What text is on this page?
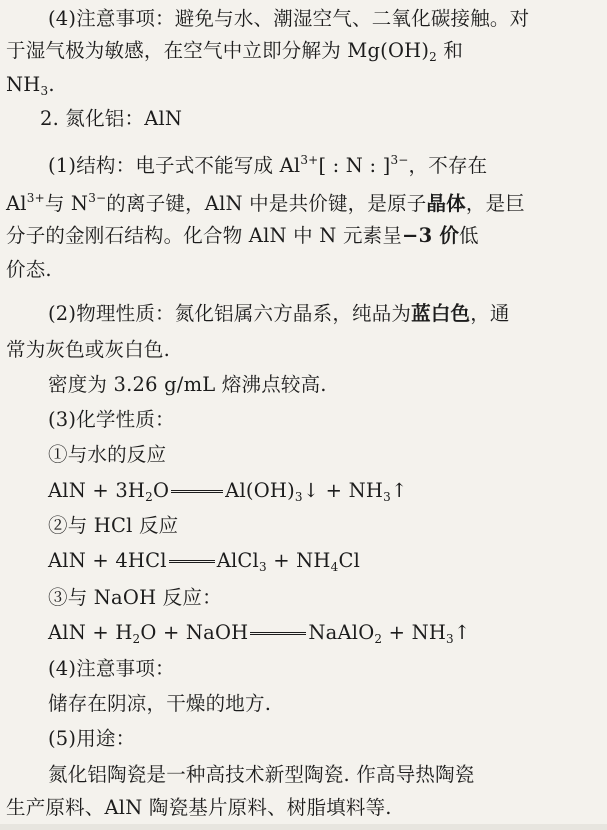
(4)注意事项：避免与水、潮湿空气、二氧化碳接触。对
于湿气极为敏感，在空气中立即分解为 $Mg(OH)_2$ 和
$NH_3$.
2. 氮化铝：AlN
(1)结构：电子式不能写成 $Al^{3+}$[ : N : ]$^{3-}$，不存在
$Al^{3+}$与 $N^{3-}$的离子键，AlN 中是共价键，是原子晶体，是巨
分子的金刚石结构。化合物 AlN 中 N 元素呈−3 价低
价态.
(2)物理性质：氮化铝属六方晶系，纯品为蓝白色，通
常为灰色或灰白色.
密度为 3.26 g/mL 熔沸点较高.
(3)化学性质：
①与水的反应
AlN + $3H_2O$	$Al(OH)_3↓$ + $NH_3↑$
②与 HCl 反应
AlN + 4HCl	AlCl$_3$ + $NH_4Cl$
③与 NaOH 反应：
AlN + $H_2O$ + NaOH	NaAlO$_2$ + $NH_3↑$
(4)注意事项：
储存在阴凉，干燥的地方.
(5)用途：
氮化铝陶瓷是一种高技术新型陶瓷. 作高导热陶瓷
生产原料、AlN 陶瓷基片原料、树脂填料等.
